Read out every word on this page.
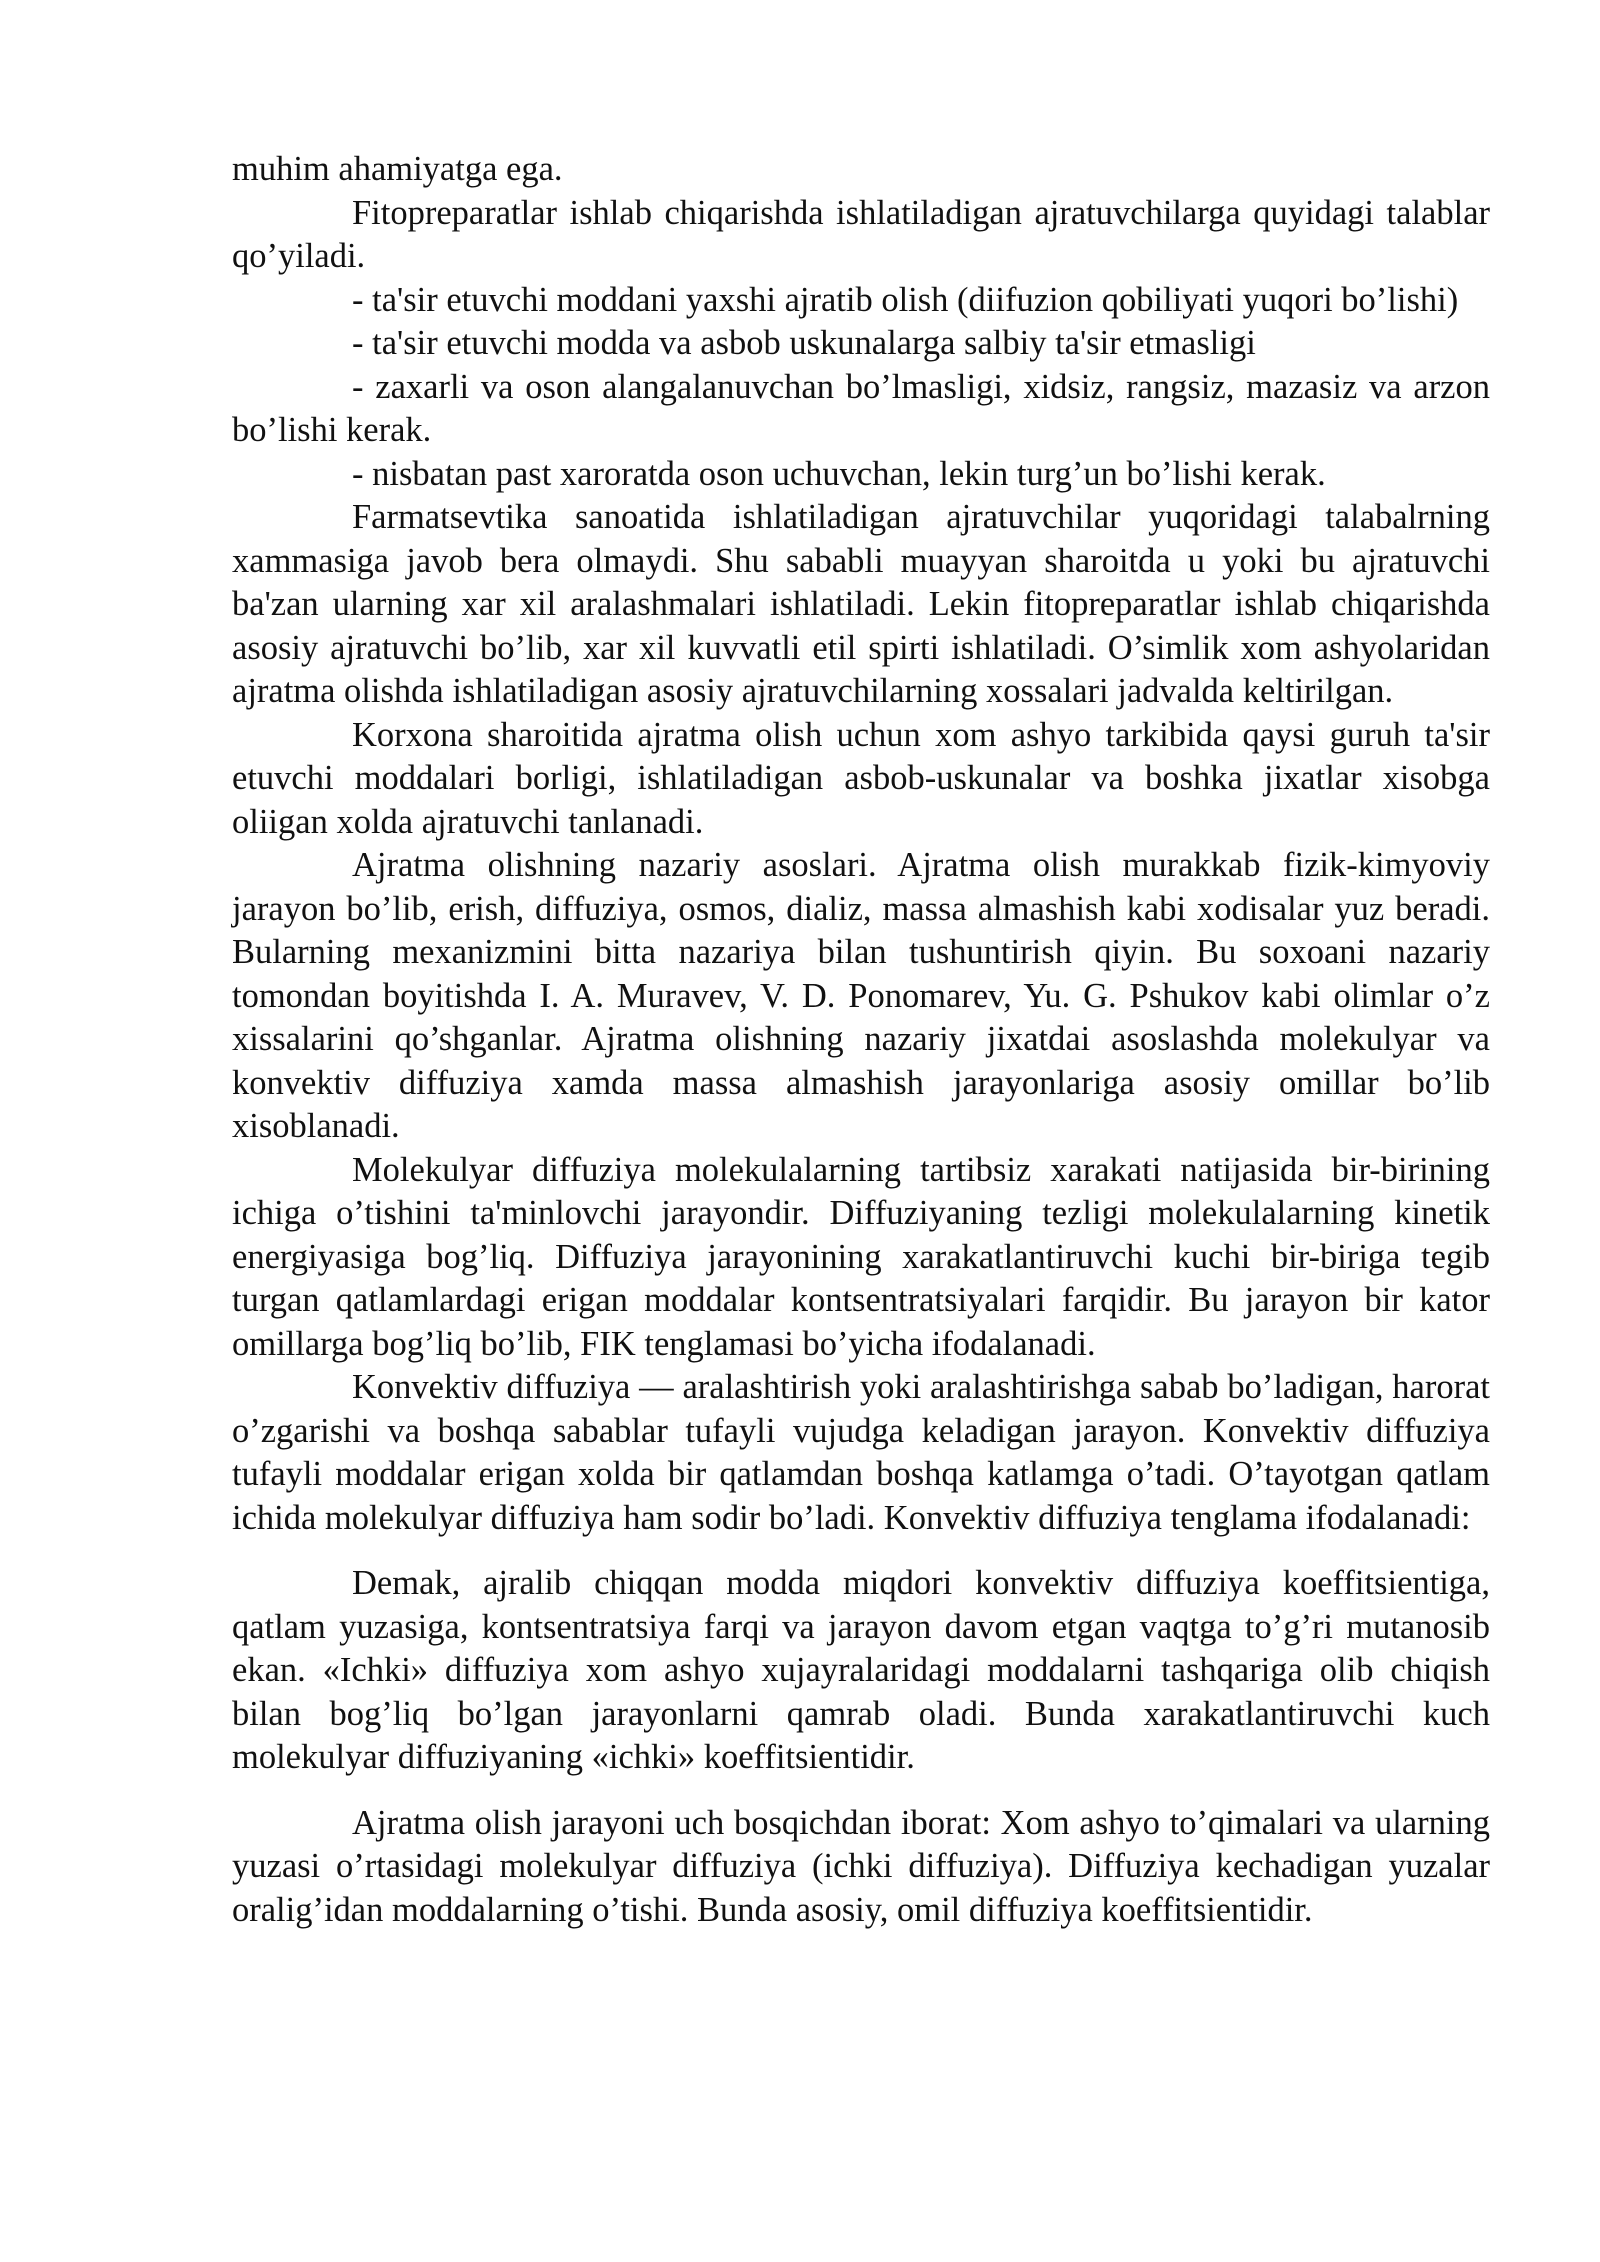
muhim ahamiyatga ega.

Fitopreparatlar ishlab chiqarishda ishlatiladigan ajratuvchilarga quyidagi talablar qo’yiladi.

- ta'sir etuvchi moddani yaxshi ajratib olish (diifuzion qobiliyati yuqori bo’lishi)

- ta'sir etuvchi modda va asbob uskunalarga salbiy ta'sir etmasligi

- zaxarli va oson alangalanuvchan bo’lmasligi, xidsiz, rangsiz, mazasiz va arzon bo’lishi kerak.

- nisbatan past xaroratda oson uchuvchan, lekin turg’un bo’lishi kerak.

Farmatsevtika sanoatida ishlatiladigan ajratuvchilar yuqoridagi talabalrning xammasiga javob bera olmaydi. Shu sababli muayyan sharoitda u yoki bu ajratuvchi ba'zan ularning xar xil aralashmalari ishlatiladi. Lekin fitopreparatlar ishlab chiqarishda asosiy ajratuvchi bo’lib, xar xil kuvvatli etil spirti ishlatiladi. O’simlik xom ashyolaridan ajratma olishda ishlatiladigan asosiy ajratuvchilarning xossalari jadvalda keltirilgan.

Korxona sharoitida ajratma olish uchun xom ashyo tarkibida qaysi guruh ta'sir etuvchi moddalari borligi, ishlatiladigan asbob-uskunalar va boshka jixatlar xisobga oliigan xolda ajratuvchi tanlanadi.

Ajratma olishning nazariy asoslari. Ajratma olish murakkab fizik-kimyoviy jarayon bo’lib, erish, diffuziya, osmos, dializ, massa almashish kabi xodisalar yuz beradi. Bularning mexanizmini bitta nazariya bilan tushuntirish qiyin. Bu soxoani nazariy tomondan boyitishda I. A. Muravev, V. D. Ponomarev, Yu. G. Pshukov kabi olimlar o’z xissalarini qo’shganlar. Ajratma olishning nazariy jixatdai asoslashda molekulyar va konvektiv diffuziya xamda massa almashish jarayonlariga asosiy omillar bo’lib xisoblanadi.

Molekulyar diffuziya molekulalarning tartibsiz xarakati natijasida bir-birining ichiga o’tishini ta'minlovchi jarayondir. Diffuziyaning tezligi molekulalarning kinetik energiyasiga bog’liq. Diffuziya jarayonining xarakatlantiruvchi kuchi bir-biriga tegib turgan qatlamlardagi erigan moddalar kontsentratsiyalari farqidir. Bu jarayon bir kator omillarga bog’liq bo’lib, FIK tenglamasi bo’yicha ifodalanadi.

Konvektiv diffuziya — aralashtirish yoki aralashtirishga sabab bo’ladigan, harorat o’zgarishi va boshqa sabablar tufayli vujudga keladigan jarayon. Konvektiv diffuziya tufayli moddalar erigan xolda bir qatlamdan boshqa katlamga o’tadi. O’tayotgan qatlam ichida molekulyar diffuziya ham sodir bo’ladi. Konvektiv diffuziya tenglama ifodalanadi:

Demak, ajralib chiqqan modda miqdori konvektiv diffuziya koeffitsientiga, qatlam yuzasiga, kontsentratsiya farqi va jarayon davom etgan vaqtga to’g’ri mutanosib ekan. «Ichki» diffuziya xom ashyo xujayralaridagi moddalarni tashqariga olib chiqish bilan bog’liq bo’lgan jarayonlarni qamrab oladi. Bunda xarakatlantiruvchi kuch molekulyar diffuziyaning «ichki» koeffitsientidir.

Ajratma olish jarayoni uch bosqichdan iborat: Xom ashyo to’qimalari va ularning yuzasi o’rtasidagi molekulyar diffuziya (ichki diffuziya). Diffuziya kechadigan yuzalar oralig’idan moddalarning o’tishi. Bunda asosiy, omil diffuziya koeffitsientidir.
